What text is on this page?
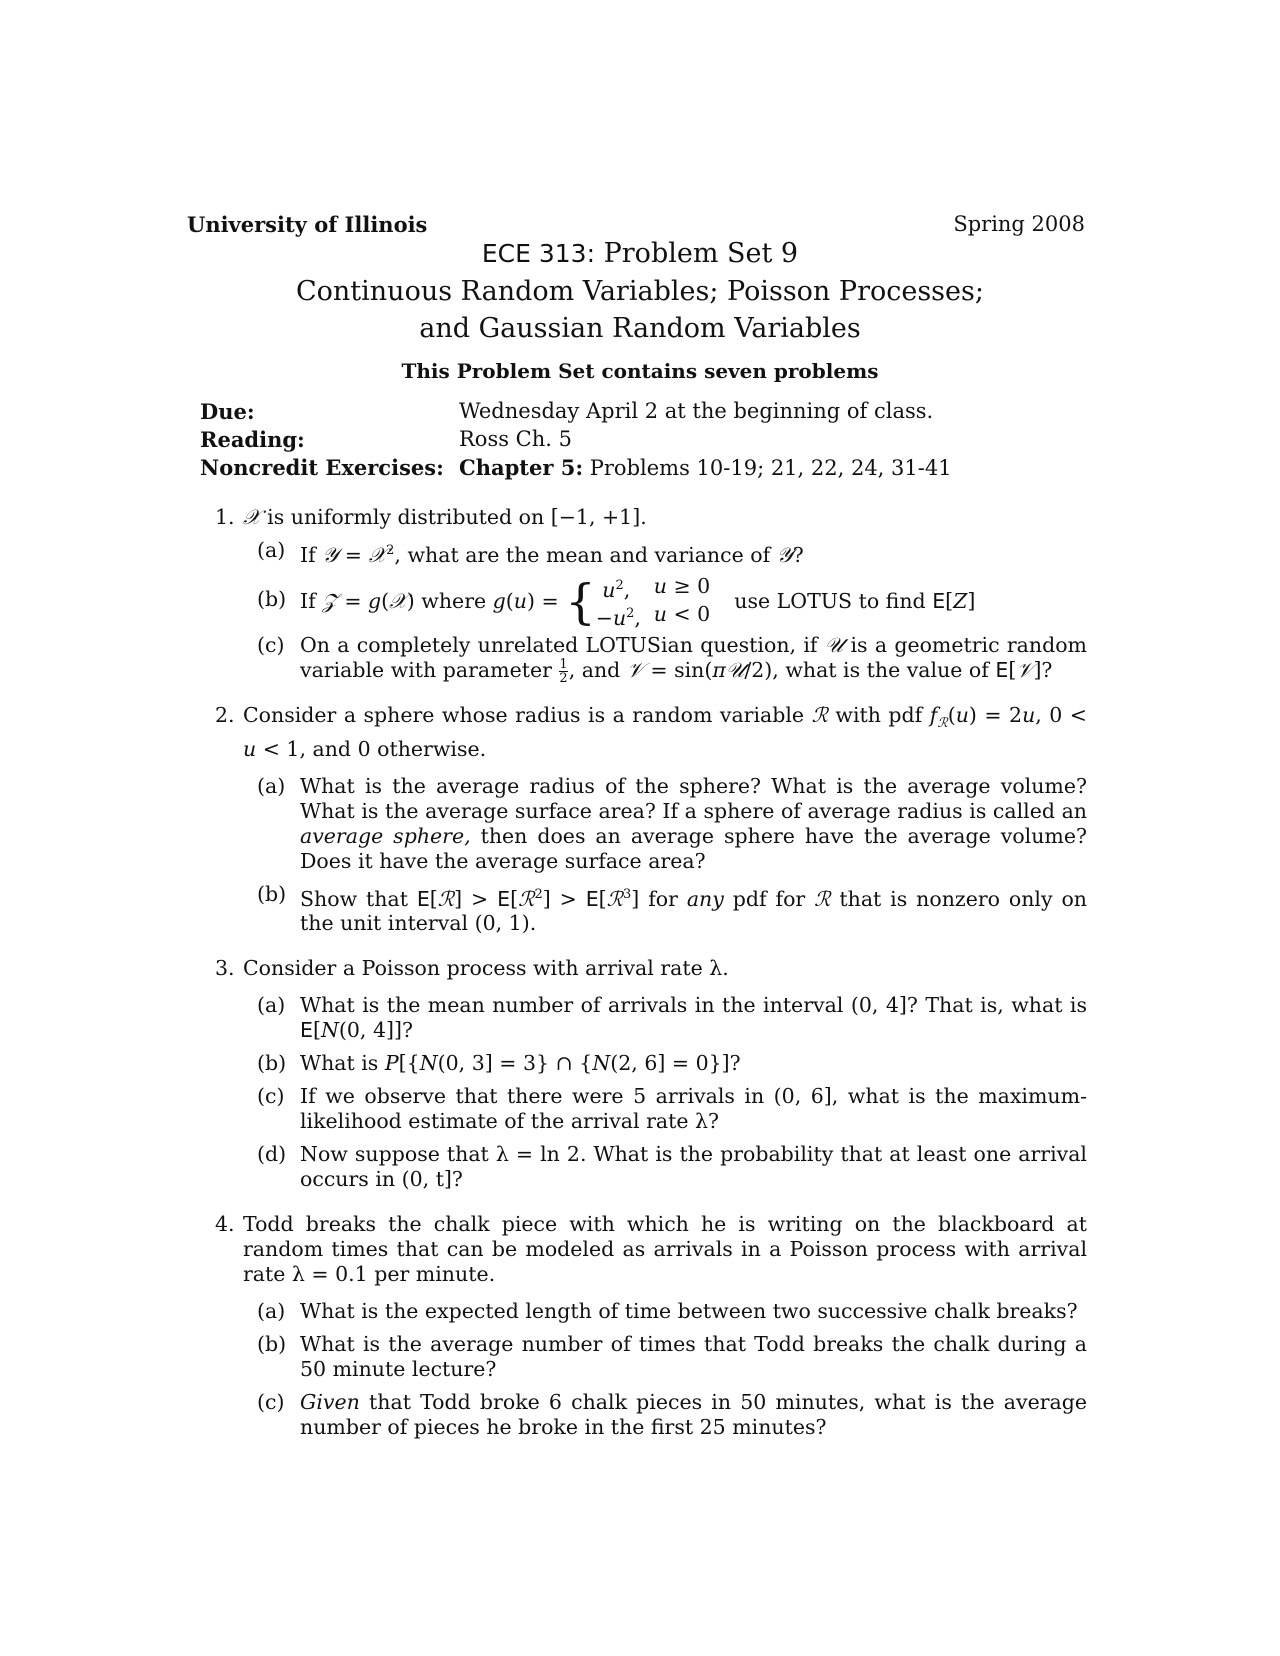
University of Illinois	Spring 2008
ECE 313: Problem Set 9
Continuous Random Variables; Poisson Processes;
and Gaussian Random Variables
This Problem Set contains seven problems
Due:	Wednesday April 2 at the beginning of class.
Reading:	Ross Ch. 5
Noncredit Exercises: Chapter 5: Problems 10-19; 21, 22, 24, 31-41
1. 𝒳 is uniformly distributed on [−1, +1].
(a) If 𝒴 = 𝒳$^2$, what are the mean and variance of 𝒴?
(b) If 𝒵 = g(𝒳) where g(u) = { $u^2$,	u ≥ 0
$-u^2$, u < 0
use LOTUS to find E[Z]
(c) On a completely unrelated LOTUSian question, if 𝒰 is a geometric random variable with parameter $\frac{1}{2}$ , and 𝒱 = sin(π𝒰/2), what is the value of E[𝒱]?
2. Consider a sphere whose radius is a random variable ℛ with pdf $f_ℛ(u) = 2u$, 0 < u < 1, and 0 otherwise.
(a) What is the average radius of the sphere? What is the average volume? What is the average surface area? If a sphere of average radius is called an average sphere, then does an average sphere have the average volume? Does it have the average surface area?
(b) Show that E[ℛ] > E[ℛ$^2$] > E[ℛ$^3$] for any pdf for ℛ that is nonzero only on the unit interval (0, 1).
3. Consider a Poisson process with arrival rate λ.
(a) What is the mean number of arrivals in the interval (0, 4]? That is, what is E[N(0, 4]]?
(b) What is P[{N(0, 3] = 3} ∩ {N(2, 6] = 0}]?
(c) If we observe that there were 5 arrivals in (0, 6], what is the maximum-likelihood estimate of the arrival rate λ?
(d) Now suppose that λ = ln 2. What is the probability that at least one arrival occurs in (0, t]?
4. Todd breaks the chalk piece with which he is writing on the blackboard at random times that can be modeled as arrivals in a Poisson process with arrival rate λ = 0.1 per minute.
(a) What is the expected length of time between two successive chalk breaks?
(b) What is the average number of times that Todd breaks the chalk during a 50 minute lecture?
(c) Given that Todd broke 6 chalk pieces in 50 minutes, what is the average number of pieces he broke in the first 25 minutes?
